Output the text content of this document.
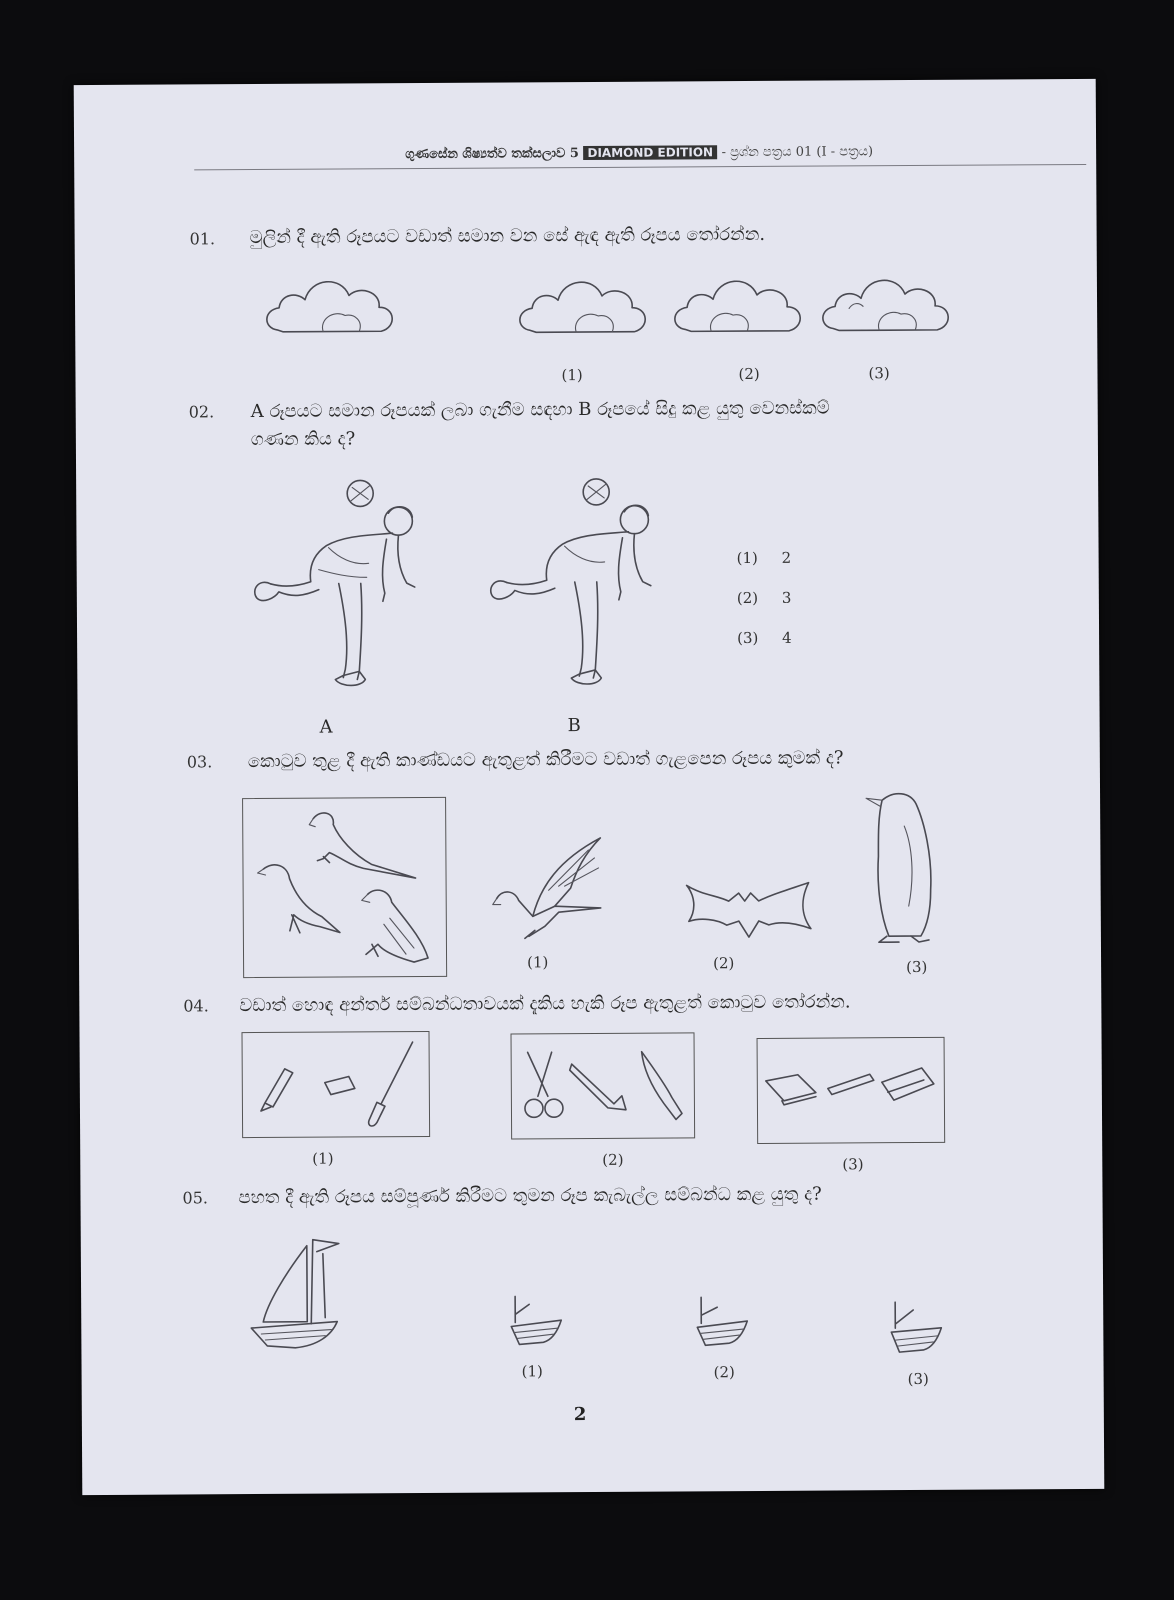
ගුණසේන ශිෂ්‍යත්ව තක්සලාව 5 DIAMOND EDITION - ප්‍රශ්න පත්‍රය 01 (I - පත්‍රය)
01. මුලින් දී ඇති රූපයට වඩාත් සමාන වන සේ ඇඳ ඇති රූපය තෝරන්න.
(1)	(2)	(3)
02. A රූපයට සමාන රූපයක් ලබා ගැනීම සඳහා B රූපයේ සිදු කළ යුතු වෙනස්කම්
ගණන කිය ද?
A	B
(1) 2
(2) 3
(3) 4
03. කොටුව තුළ දී ඇති කාණ්ඩයට ඇතුළත් කිරීමට වඩාත් ගැළපෙන රූපය කුමක් ද?
(1)	(2)	(3)
04. වඩාත් හොඳ අන්තර් සම්බන්ධතාවයක් දැකිය හැකි රූප ඇතුළත් කොටුව තෝරන්න.
(1)	(2)	(3)
05. පහත දී ඇති රූපය සම්පූර්ණ කිරීමට තුමන රූප කැබැල්ල සම්බන්ධ කළ යුතු ද?
(1)	(2)	(3)
2
